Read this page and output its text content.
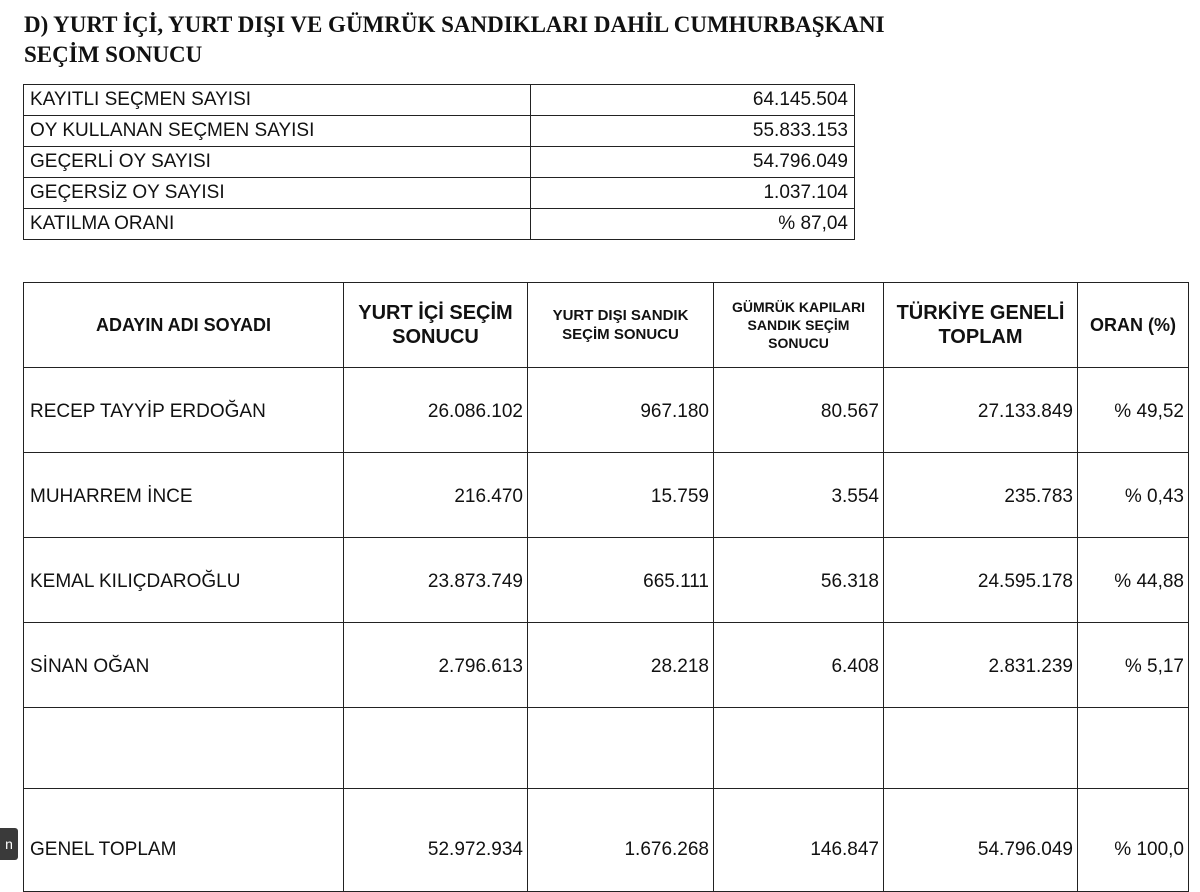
D) YURT İÇİ, YURT DIŞI VE GÜMRÜK SANDIKLARI DAHİL CUMHURBAŞKANI
SEÇİM SONUCU
KAYITLI SEÇMEN SAYISI	64.145.504
OY KULLANAN SEÇMEN SAYISI	55.833.153
GEÇERLİ OY SAYISI	54.796.049
GEÇERSİZ OY SAYISI	1.037.104
KATILMA ORANI	% 87,04
ADAYIN ADI SOYADI	YURT İÇİ SEÇİM SONUCU	YURT DIŞI SANDIK SEÇİM SONUCU	GÜMRÜK KAPILARI SANDIK SEÇİM SONUCU	TÜRKİYE GENELİ TOPLAM	ORAN (%)
RECEP TAYYİP ERDOĞAN	26.086.102	967.180	80.567	27.133.849	% 49,52
MUHARREM İNCE	216.470	15.759	3.554	235.783	% 0,43
KEMAL KILIÇDAROĞLU	23.873.749	665.111	56.318	24.595.178	% 44,88
SİNAN OĞAN	2.796.613	28.218	6.408	2.831.239	% 5,17

GENEL TOPLAM	52.972.934	1.676.268	146.847	54.796.049	% 100,0
n
